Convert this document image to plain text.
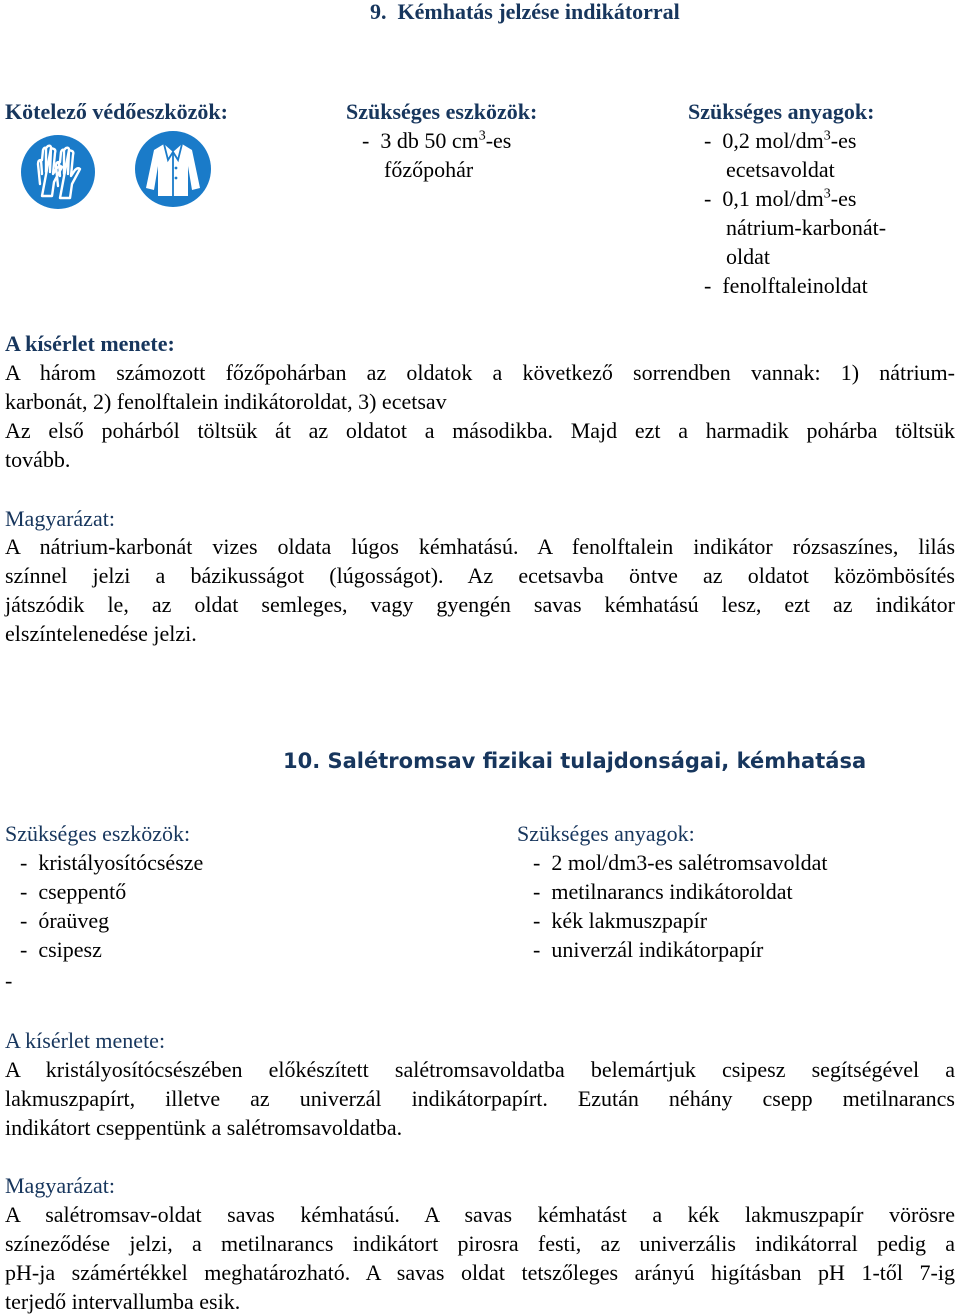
9.  Kémhatás jelzése indikátorral
Kötelező védőeszközök:	Szükséges eszközök:
-  3 db 50 $cm^3-es$
főzőpohár
Szükséges anyagok:
-  0,2 mol/$dm^3-es$
ecetsavoldat
-  0,1 mol/$dm^3-es$
nátrium-karbonát-
oldat
-  fenolftaleinoldat
A kísérlet menete:
A három számozott főzőpohárban az oldatok a következő sorrendben vannak: 1) nátrium-
karbonát, 2) fenolftalein indikátoroldat, 3) ecetsav
Az első pohárból töltsük át az oldatot a másodikba. Majd ezt a harmadik pohárba töltsük
tovább.
Magyarázat:
A nátrium-karbonát vizes oldata lúgos kémhatású. A fenolftalein indikátor rózsaszínes, lilás
színnel jelzi a bázikusságot (lúgosságot). Az ecetsavba öntve az oldatot közömbösítés
játszódik le, az oldat semleges, vagy gyengén savas kémhatású lesz, ezt az indikátor
elszíntelenedése jelzi.
10. Salétromsav fizikai tulajdonságai, kémhatása
Szükséges eszközök:
-  kristályosítócsésze
-  cseppentő
-  óraüveg
-  csipesz
-
Szükséges anyagok:
-  2 mol/dm3-es salétromsavoldat
-  metilnarancs indikátoroldat
-  kék lakmuszpapír
-  univerzál indikátorpapír
A kísérlet menete:
A kristályosítócsészében előkészített salétromsavoldatba belemártjuk csipesz segítségével a
lakmuszpapírt, illetve az univerzál indikátorpapírt. Ezután néhány csepp metilnarancs
indikátort cseppentünk a salétromsavoldatba.
Magyarázat:
A salétromsav-oldat savas kémhatású. A savas kémhatást a kék lakmuszpapír vörösre
színeződése jelzi, a metilnarancs indikátort pirosra festi, az univerzális indikátorral pedig a
pH-ja számértékkel meghatározható. A savas oldat tetszőleges arányú higításban pH 1-től 7-ig
terjedő intervallumba esik.
